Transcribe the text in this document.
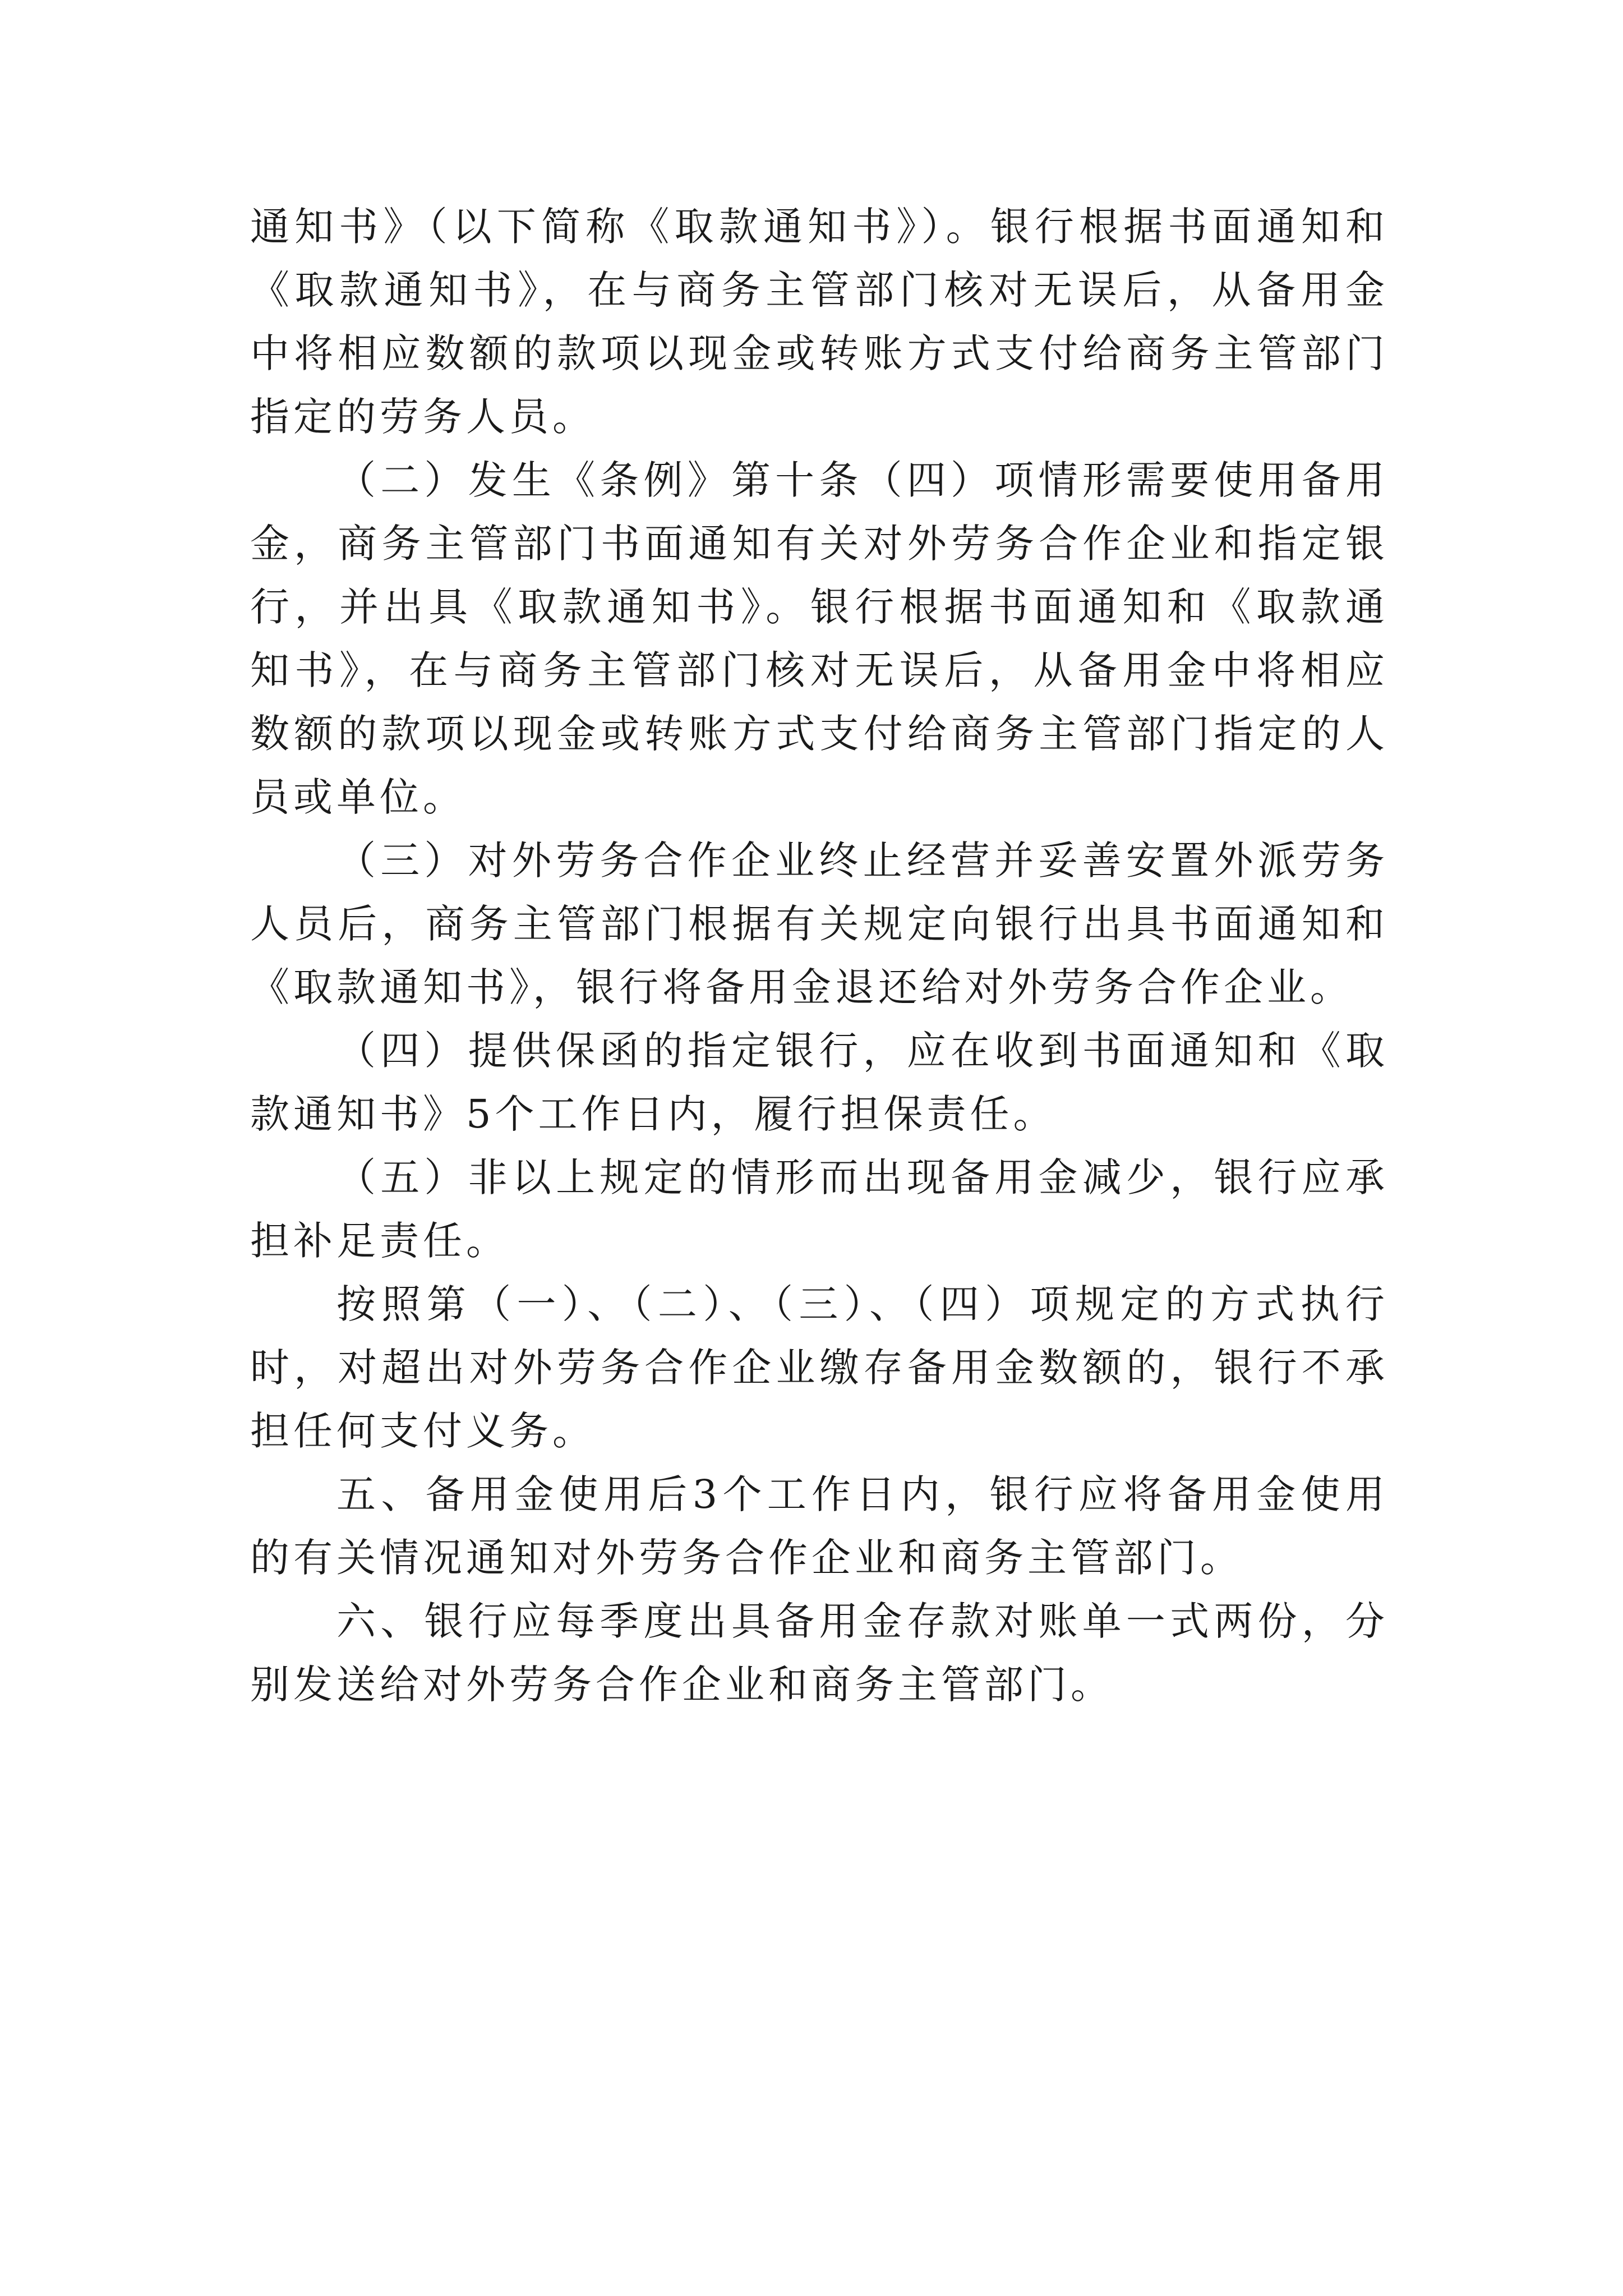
通知书》（以下简称《取款通知书》）。银行根据书面通知和《取款通知书》，在与商务主管部门核对无误后，从备用金中将相应数额的款项以现金或转账方式支付给商务主管部门指定的劳务人员。

（二）发生《条例》第十条（四）项情形需要使用备用金，商务主管部门书面通知有关对外劳务合作企业和指定银行，并出具《取款通知书》。银行根据书面通知和《取款通知书》，在与商务主管部门核对无误后，从备用金中将相应数额的款项以现金或转账方式支付给商务主管部门指定的人员或单位。

（三）对外劳务合作企业终止经营并妥善安置外派劳务人员后，商务主管部门根据有关规定向银行出具书面通知和《取款通知书》，银行将备用金退还给对外劳务合作企业。

（四）提供保函的指定银行，应在收到书面通知和《取款通知书》5个工作日内，履行担保责任。

（五）非以上规定的情形而出现备用金减少，银行应承担补足责任。

按照第（一）、（二）、（三）、（四）项规定的方式执行时，对超出对外劳务合作企业缴存备用金数额的，银行不承担任何支付义务。

五、备用金使用后3个工作日内，银行应将备用金使用的有关情况通知对外劳务合作企业和商务主管部门。

六、银行应每季度出具备用金存款对账单一式两份，分别发送给对外劳务合作企业和商务主管部门。
